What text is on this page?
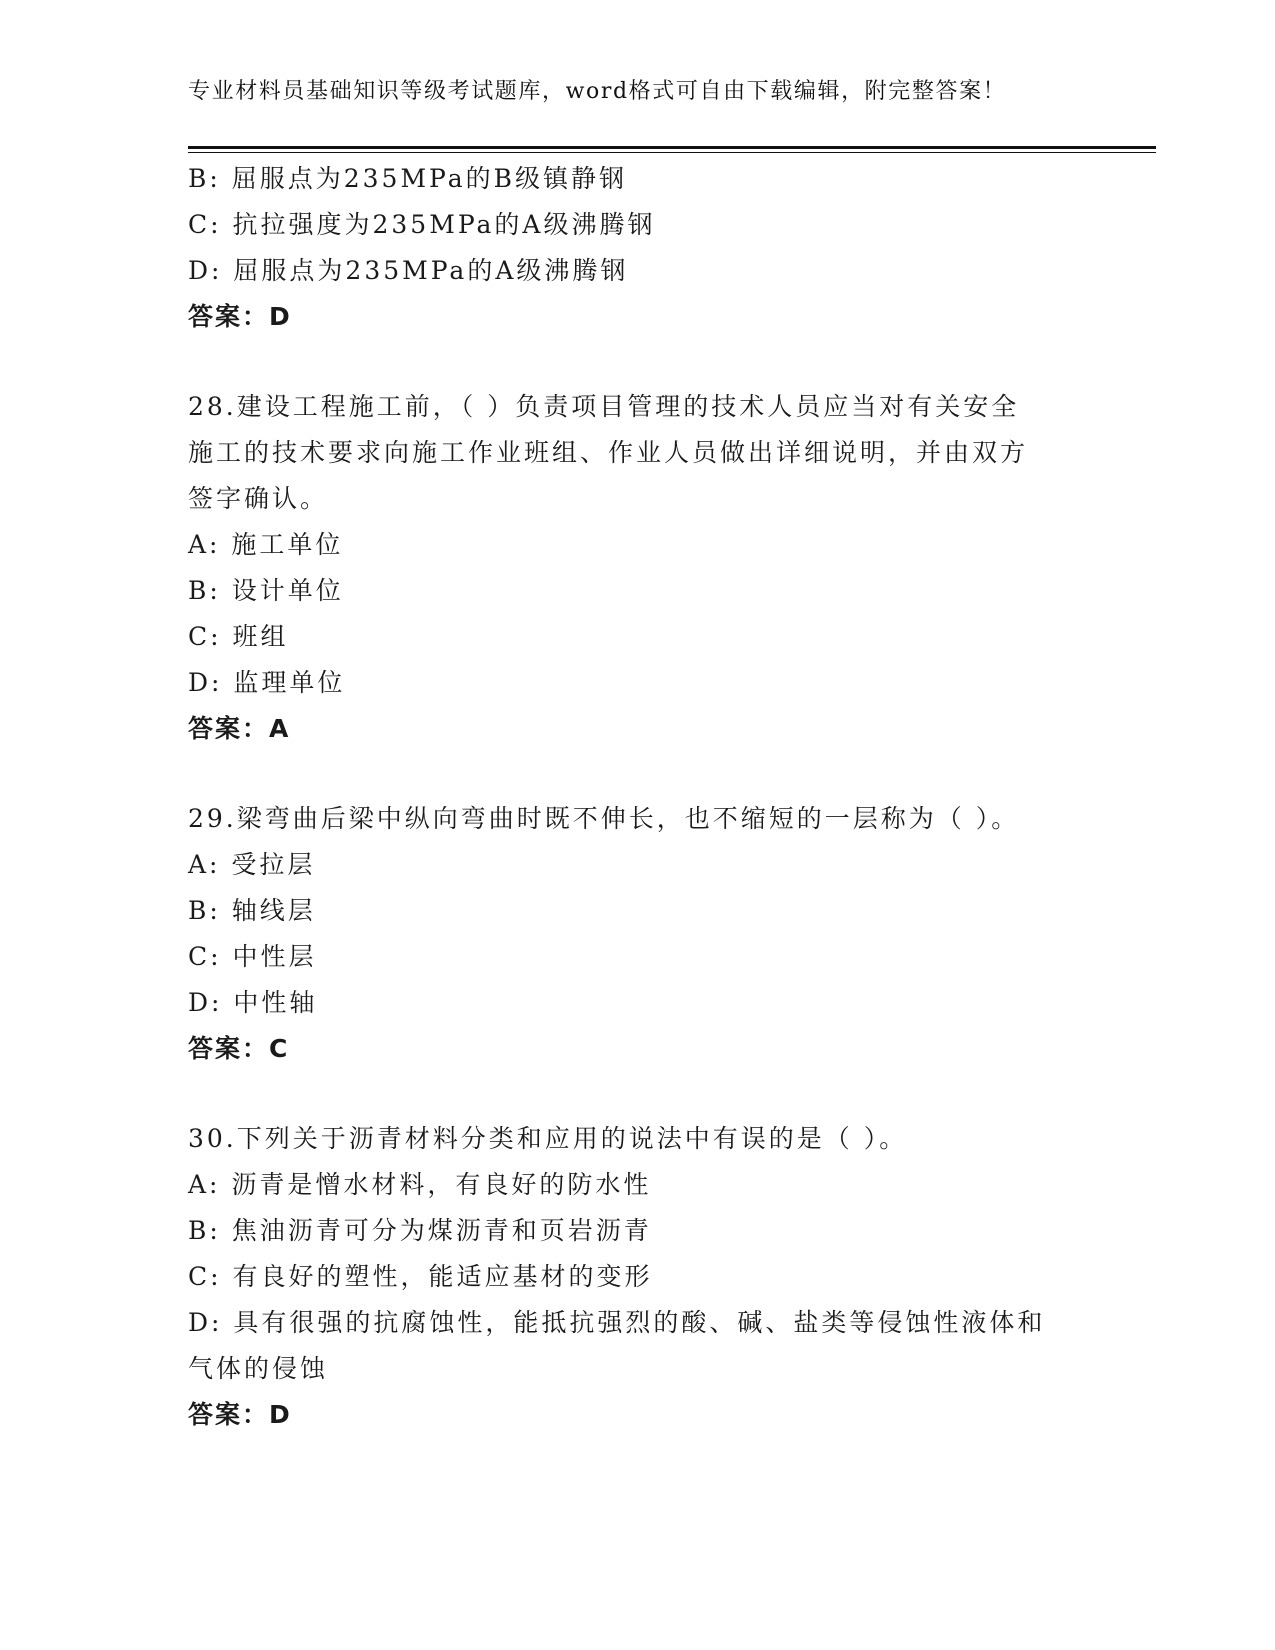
专业材料员基础知识等级考试题库，word格式可自由下载编辑，附完整答案！
B: 屈服点为235MPa的B级镇静钢
C: 抗拉强度为235MPa的A级沸腾钢
D: 屈服点为235MPa的A级沸腾钢
答案：D
28.建设工程施工前，（ ）负责项目管理的技术人员应当对有关安全
施工的技术要求向施工作业班组、作业人员做出详细说明，并由双方
签字确认。
A: 施工单位
B: 设计单位
C: 班组
D: 监理单位
答案：A
29.梁弯曲后梁中纵向弯曲时既不伸长，也不缩短的一层称为（ ）。
A: 受拉层
B: 轴线层
C: 中性层
D: 中性轴
答案：C
30.下列关于沥青材料分类和应用的说法中有误的是（ ）。
A: 沥青是憎水材料，有良好的防水性
B: 焦油沥青可分为煤沥青和页岩沥青
C: 有良好的塑性，能适应基材的变形
D: 具有很强的抗腐蚀性，能抵抗强烈的酸、碱、盐类等侵蚀性液体和
气体的侵蚀
答案：D
